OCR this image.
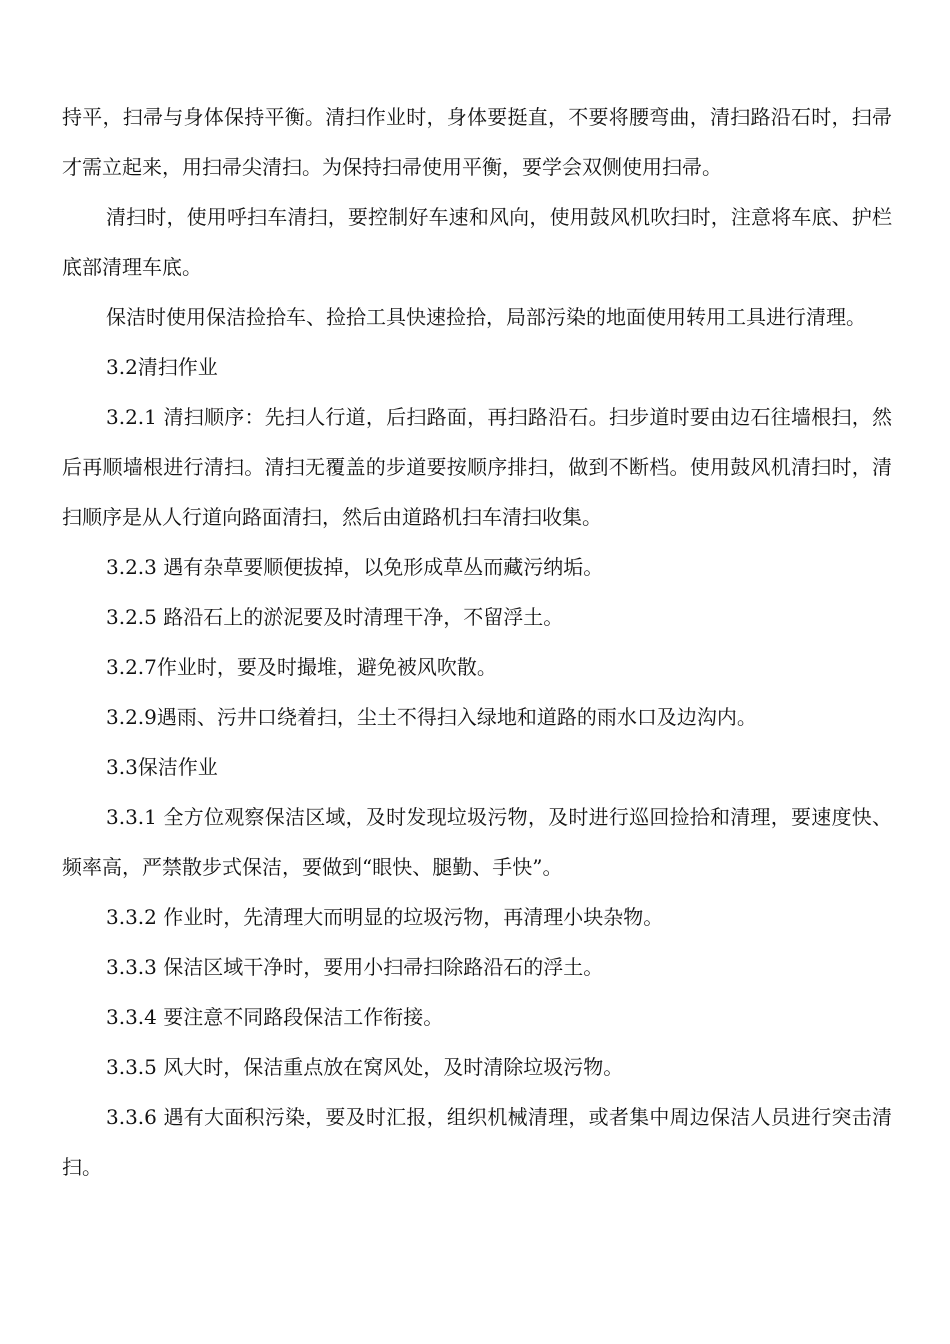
持平，扫帚与身体保持平衡。清扫作业时，身体要挺直，不要将腰弯曲，清扫路沿石时，扫帚才需立起来，用扫帚尖清扫。为保持扫帚使用平衡，要学会双侧使用扫帚。

清扫时，使用呼扫车清扫，要控制好车速和风向，使用鼓风机吹扫时，注意将车底、护栏底部清理车底。

保洁时使用保洁捡拾车、捡拾工具快速捡拾，局部污染的地面使用转用工具进行清理。

3.2清扫作业

3.2.1 清扫顺序：先扫人行道，后扫路面，再扫路沿石。扫步道时要由边石往墙根扫，然后再顺墙根进行清扫。清扫无覆盖的步道要按顺序排扫，做到不断档。使用鼓风机清扫时，清扫顺序是从人行道向路面清扫，然后由道路机扫车清扫收集。

3.2.3 遇有杂草要顺便拔掉，以免形成草丛而藏污纳垢。

3.2.5 路沿石上的淤泥要及时清理干净，不留浮土。

3.2.7作业时，要及时撮堆，避免被风吹散。

3.2.9遇雨、污井口绕着扫，尘土不得扫入绿地和道路的雨水口及边沟内。

3.3保洁作业

3.3.1 全方位观察保洁区域，及时发现垃圾污物，及时进行巡回捡拾和清理，要速度快、频率高，严禁散步式保洁，要做到“眼快、腿勤、手快”。

3.3.2 作业时，先清理大而明显的垃圾污物，再清理小块杂物。

3.3.3 保洁区域干净时，要用小扫帚扫除路沿石的浮土。

3.3.4 要注意不同路段保洁工作衔接。

3.3.5 风大时，保洁重点放在窝风处，及时清除垃圾污物。

3.3.6 遇有大面积污染，要及时汇报，组织机械清理，或者集中周边保洁人员进行突击清扫。
